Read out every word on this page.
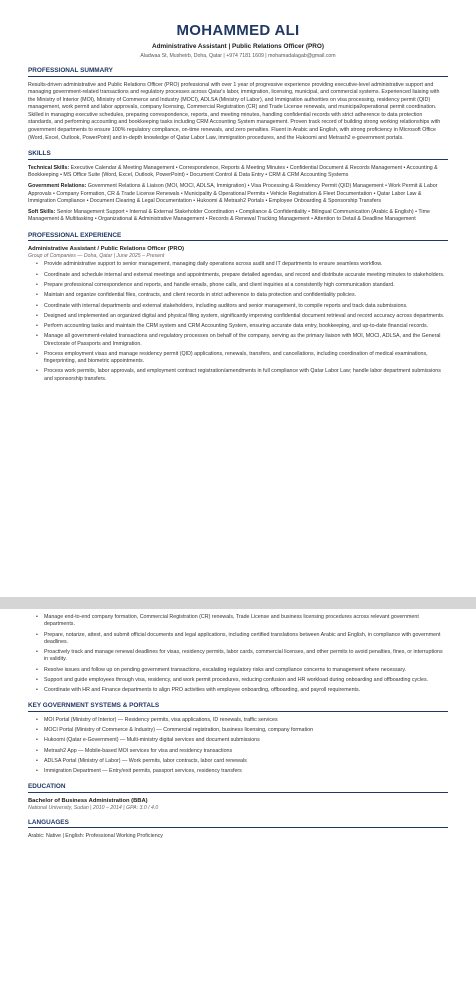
MOHAMMED ALI
Administrative Assistant | Public Relations Officer (PRO)
Aladwaa St, Musheirb, Doha, Qatar | +974 7181 1609 | mohamadalagab@gmail.com
PROFESSIONAL SUMMARY
Results-driven administrative and Public Relations Officer (PRO) professional with over 1 year of progressive experience providing executive-level administrative support and managing government-related transactions and regulatory processes across Qatar's labor, immigration, licensing, municipal, and commercial systems. Experienced liaising with the Ministry of Interior (MOI), Ministry of Commerce and Industry (MOCI), ADLSA (Ministry of Labor), and Immigration authorities on visa processing, residency permit (QID) management, work permit and labor approvals, company licensing, Commercial Registration (CR) and Trade License renewals, and municipal/operational permit coordination. Skilled in managing executive schedules, preparing correspondence, reports, and meeting minutes, handling confidential records with strict adherence to data protection standards, and performing accounting and bookkeeping tasks including CRM Accounting System management. Proven track record of building strong working relationships with government departments to ensure 100% regulatory compliance, on-time renewals, and zero penalties. Fluent in Arabic and English, with strong proficiency in Microsoft Office (Word, Excel, Outlook, PowerPoint) and in-depth knowledge of Qatar Labor Law, immigration procedures, and the Hukoomi and Metrash2 e-government portals.
SKILLS
Technical Skills: Executive Calendar & Meeting Management • Correspondence, Reports & Meeting Minutes • Confidential Document & Records Management • Accounting & Bookkeeping • MS Office Suite (Word, Excel, Outlook, PowerPoint) • Document Control & Data Entry • CRM & CRM Accounting Systems
Government Relations: Government Relations & Liaison (MOI, MOCI, ADLSA, Immigration) • Visa Processing & Residency Permit (QID) Management • Work Permit & Labor Approvals • Company Formation, CR & Trade License Renewals • Municipality & Operational Permits • Vehicle Registration & Fleet Documentation • Qatar Labor Law & Immigration Compliance • Document Clearing & Legal Documentation • Hukoomi & Metrash2 Portals • Employee Onboarding & Sponsorship Transfers
Soft Skills: Senior Management Support • Internal & External Stakeholder Coordination • Compliance & Confidentiality • Bilingual Communication (Arabic & English) • Time Management & Multitasking • Organizational & Administrative Management • Records & Renewal Tracking Management • Attention to Detail & Deadline Management
PROFESSIONAL EXPERIENCE
Administrative Assistant / Public Relations Officer (PRO)
Group of Companies — Doha, Qatar | June 2025 – Present
• Provide administrative support to senior management, managing daily operations across audit and IT departments to ensure seamless workflow.
• Coordinate and schedule internal and external meetings and appointments, prepare detailed agendas, and record and distribute accurate meeting minutes to stakeholders.
• Prepare professional correspondence and reports, and handle emails, phone calls, and client inquiries at a consistently high communication standard.
• Maintain and organize confidential files, contracts, and client records in strict adherence to data protection and confidentiality policies.
• Coordinate with internal departments and external stakeholders, including auditors and senior management, to compile reports and track data submissions.
• Designed and implemented an organized digital and physical filing system, significantly improving confidential document retrieval and record accuracy across departments.
• Perform accounting tasks and maintain the CRM system and CRM Accounting System, ensuring accurate data entry, bookkeeping, and up-to-date financial records.
• Manage all government-related transactions and regulatory processes on behalf of the company, serving as the primary liaison with MOI, MOCI, ADLSA, and the General Directorate of Passports and Immigration.
• Process employment visas and manage residency permit (QID) applications, renewals, transfers, and cancellations, including coordination of medical examinations, fingerprinting, and biometric appointments.
• Process work permits, labor approvals, and employment contract registration/amendments in full compliance with Qatar Labor Law; handle labor department submissions and sponsorship transfers.
• Manage end-to-end company formation, Commercial Registration (CR) renewals, Trade License and business licensing procedures across relevant government departments.
• Prepare, notarize, attest, and submit official documents and legal applications, including certified translations between Arabic and English, in compliance with government deadlines.
• Proactively track and manage renewal deadlines for visas, residency permits, labor cards, commercial licenses, and other permits to avoid penalties, fines, or interruptions in validity.
• Resolve issues and follow up on pending government transactions, escalating regulatory risks and compliance concerns to management where necessary.
• Support and guide employees through visa, residency, and work permit procedures, reducing confusion and HR workload during onboarding and offboarding cycles.
• Coordinate with HR and Finance departments to align PRO activities with employee onboarding, offboarding, and payroll requirements.
KEY GOVERNMENT SYSTEMS & PORTALS
• MOI Portal (Ministry of Interior) — Residency permits, visa applications, ID renewals, traffic services
• MOCI Portal (Ministry of Commerce & Industry) — Commercial registration, business licensing, company formation
• Hukoomi (Qatar e-Government) — Multi-ministry digital services and document submissions
• Metrash2 App — Mobile-based MOI services for visa and residency transactions
• ADLSA Portal (Ministry of Labor) — Work permits, labor contracts, labor card renewals
• Immigration Department — Entry/exit permits, passport services, residency transfers
EDUCATION
Bachelor of Business Administration (BBA)
National University, Sudan | 2010 – 2014 | GPA: 3.0 / 4.0
LANGUAGES
Arabic: Native | English: Professional Working Proficiency
